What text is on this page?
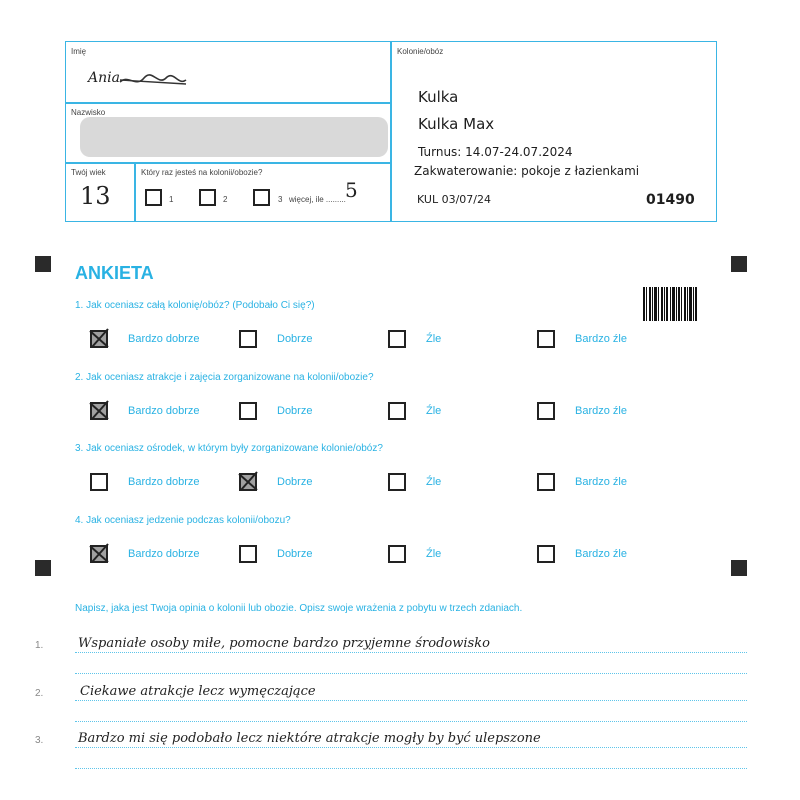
Imię
Ania
Nazwisko
Twój wiek
13
Który raz jesteś na kolonii/obozie?
1	2	3 więcej, ile ......... 5
Kolonie/obóz
Kulka
Kulka Max
Turnus: 14.07-24.07.2024
Zakwaterowanie: pokoje z łazienkami
KUL 03/07/24	01490
ANKIETA
1. Jak oceniasz całą kolonię/obóz? (Podobało Ci się?)
Bardzo dobrze	Dobrze	Źle	Bardzo źle
2. Jak oceniasz atrakcje i zajęcia zorganizowane na kolonii/obozie?
Bardzo dobrze	Dobrze	Źle	Bardzo źle
3. Jak oceniasz ośrodek, w którym były zorganizowane kolonie/obóz?
Bardzo dobrze	Dobrze	Źle	Bardzo źle
4. Jak oceniasz jedzenie podczas kolonii/obozu?
Bardzo dobrze	Dobrze	Źle	Bardzo źle
Napisz, jaka jest Twoja opinia o kolonii lub obozie. Opisz swoje wrażenia z pobytu w trzech zdaniach.
1.	Wspaniałe osoby miłe, pomocne bardzo przyjemne środowisko
2.	Ciekawe atrakcje lecz wymęczające
3.	Bardzo mi się podobało lecz niektóre atrakcje mogły by być ulepszone
